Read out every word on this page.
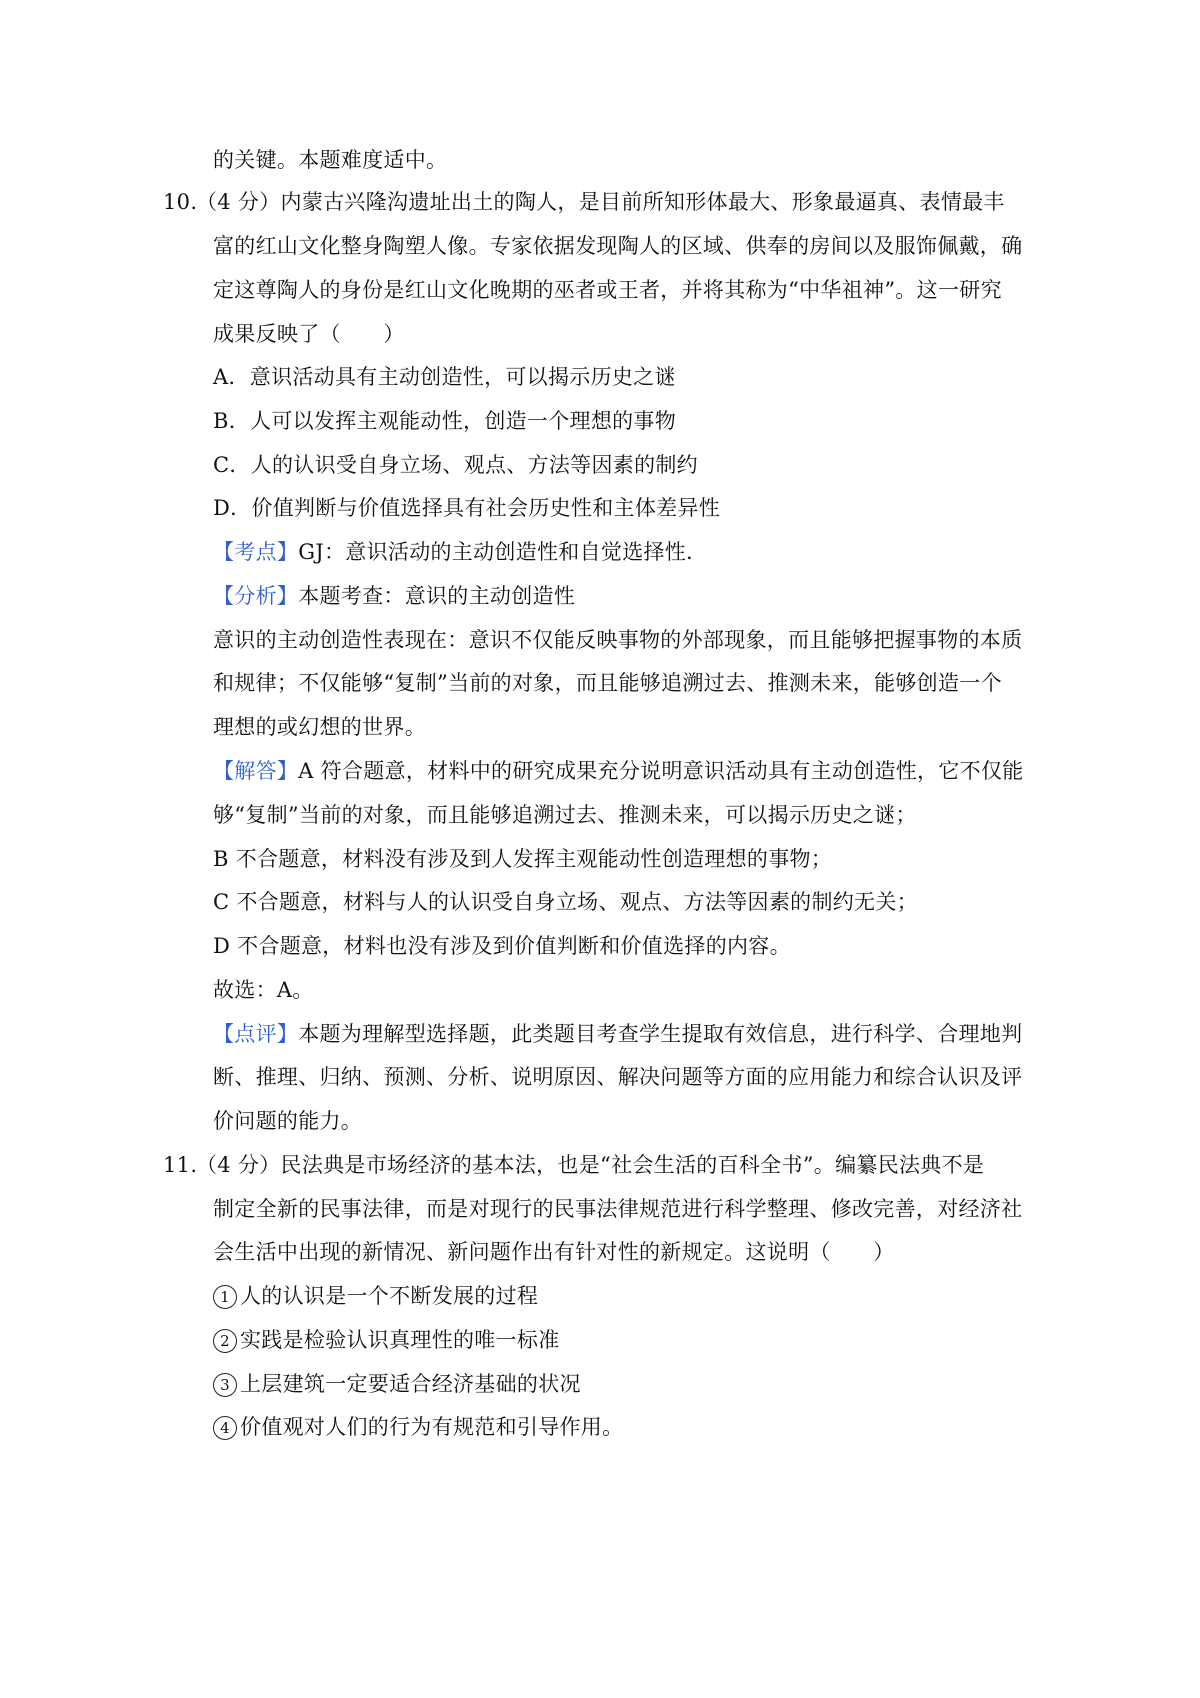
的关键。本题难度适中。
10.
（4 分）内蒙古兴隆沟遗址出土的陶人，是目前所知形体最大、形象最逼真、表情最丰
富的红山文化整身陶塑人像。专家依据发现陶人的区域、供奉的房间以及服饰佩戴，确
定这尊陶人的身份是红山文化晚期的巫者或王者，并将其称为“中华祖神”。这一研究
成果反映了（　　）
A．意识活动具有主动创造性，可以揭示历史之谜
B．人可以发挥主观能动性，创造一个理想的事物
C．人的认识受自身立场、观点、方法等因素的制约
D．价值判断与价值选择具有社会历史性和主体差异性
【考点】GJ：意识活动的主动创造性和自觉选择性．
【分析】本题考查：意识的主动创造性
意识的主动创造性表现在：意识不仅能反映事物的外部现象，而且能够把握事物的本质
和规律；不仅能够“复制”当前的对象，而且能够追溯过去、推测未来，能够创造一个
理想的或幻想的世界。
【解答】A 符合题意，材料中的研究成果充分说明意识活动具有主动创造性，它不仅能
够“复制”当前的对象，而且能够追溯过去、推测未来，可以揭示历史之谜；
B 不合题意，材料没有涉及到人发挥主观能动性创造理想的事物；
C 不合题意，材料与人的认识受自身立场、观点、方法等因素的制约无关；
D 不合题意，材料也没有涉及到价值判断和价值选择的内容。
故选：A。
【点评】本题为理解型选择题，此类题目考查学生提取有效信息，进行科学、合理地判
断、推理、归纳、预测、分析、说明原因、解决问题等方面的应用能力和综合认识及评
价问题的能力。
11.
（4 分）民法典是市场经济的基本法，也是“社会生活的百科全书”。编纂民法典不是
制定全新的民事法律，而是对现行的民事法律规范进行科学整理、修改完善，对经济社
会生活中出现的新情况、新问题作出有针对性的新规定。这说明（　　）
1 人的认识是一个不断发展的过程
2 实践是检验认识真理性的唯一标准
3 上层建筑一定要适合经济基础的状况
4 价值观对人们的行为有规范和引导作用。
